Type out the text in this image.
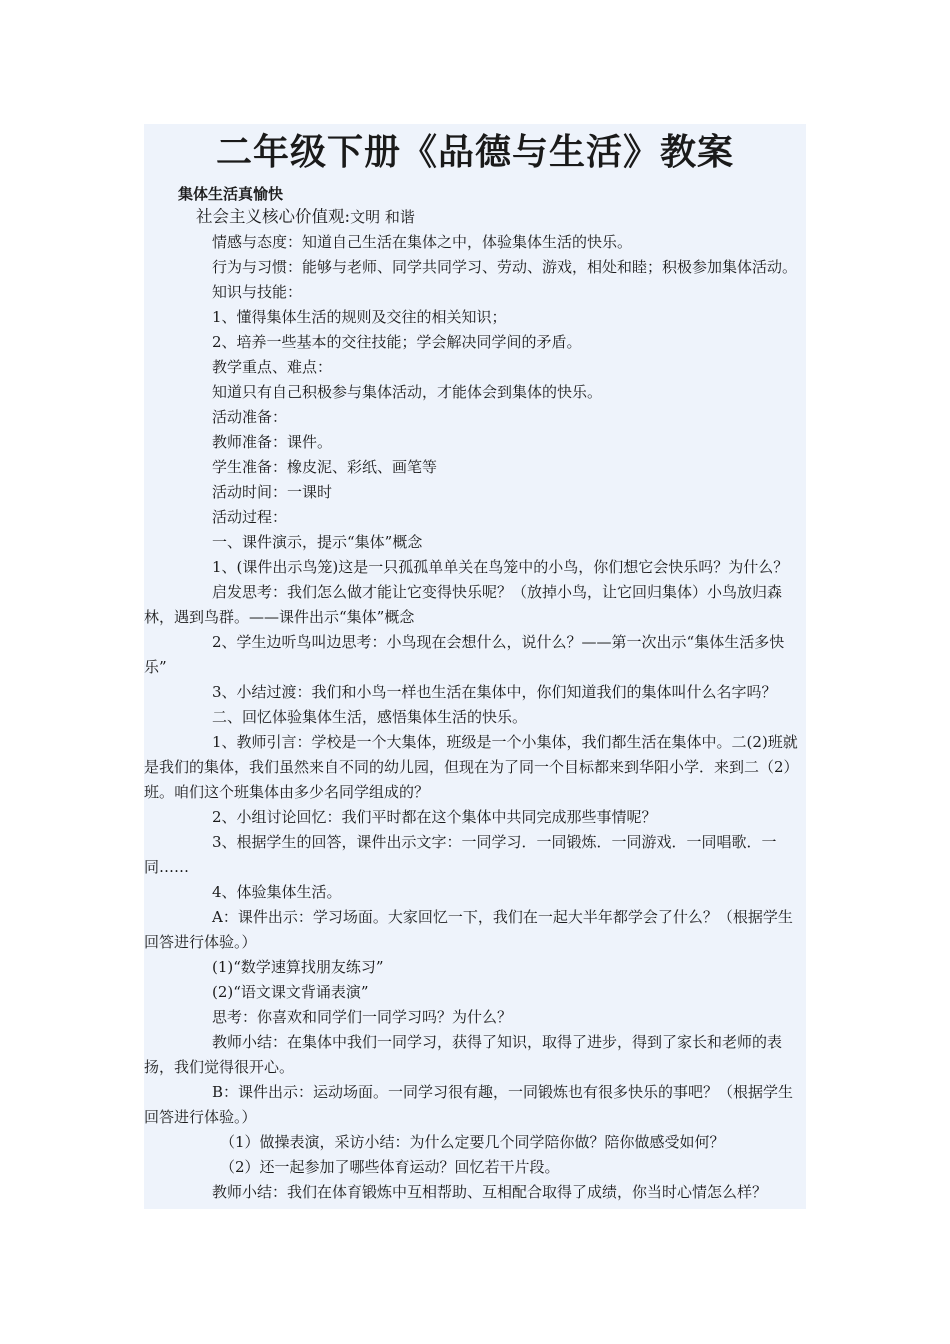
二年级下册《品德与生活》教案

集体生活真愉快

社会主义核心价值观:文明 和谐

情感与态度：知道自己生活在集体之中，体验集体生活的快乐。

行为与习惯：能够与老师、同学共同学习、劳动、游戏，相处和睦；积极参加集体活动。

知识与技能：

1、懂得集体生活的规则及交往的相关知识；

2、培养一些基本的交往技能；学会解决同学间的矛盾。

教学重点、难点：

知道只有自己积极参与集体活动，才能体会到集体的快乐。

活动准备：

教师准备：课件。

学生准备：橡皮泥、彩纸、画笔等

活动时间：一课时

活动过程：

一、课件演示，提示“集体”概念

1、(课件出示鸟笼)这是一只孤孤单单关在鸟笼中的小鸟，你们想它会快乐吗？为什么？

启发思考：我们怎么做才能让它变得快乐呢？（放掉小鸟，让它回归集体）小鸟放归森林，遇到鸟群。——课件出示“集体”概念

2、学生边听鸟叫边思考：小鸟现在会想什么，说什么？——第一次出示“集体生活多快乐”

3、小结过渡：我们和小鸟一样也生活在集体中，你们知道我们的集体叫什么名字吗？

二、回忆体验集体生活，感悟集体生活的快乐。

1、教师引言：学校是一个大集体，班级是一个小集体，我们都生活在集体中。二(2)班就是我们的集体，我们虽然来自不同的幼儿园，但现在为了同一个目标都来到华阳小学．来到二（2）班。咱们这个班集体由多少名同学组成的？

2、小组讨论回忆：我们平时都在这个集体中共同完成那些事情呢？

3、根据学生的回答，课件出示文字：一同学习．一同锻炼．一同游戏．一同唱歌．一同……

4、体验集体生活。

A：课件出示：学习场面。大家回忆一下，我们在一起大半年都学会了什么？（根据学生回答进行体验。）

(1)“数学速算找朋友练习”

(2)“语文课文背诵表演”

思考：你喜欢和同学们一同学习吗？为什么？

教师小结：在集体中我们一同学习，获得了知识，取得了进步，得到了家长和老师的表扬，我们觉得很开心。

B：课件出示：运动场面。一同学习很有趣，一同锻炼也有很多快乐的事吧？（根据学生回答进行体验。）

（1）做操表演，采访小结：为什么定要几个同学陪你做？陪你做感受如何？

（2）还一起参加了哪些体育运动？回忆若干片段。

教师小结：我们在体育锻炼中互相帮助、互相配合取得了成绩，你当时心情怎么样？
